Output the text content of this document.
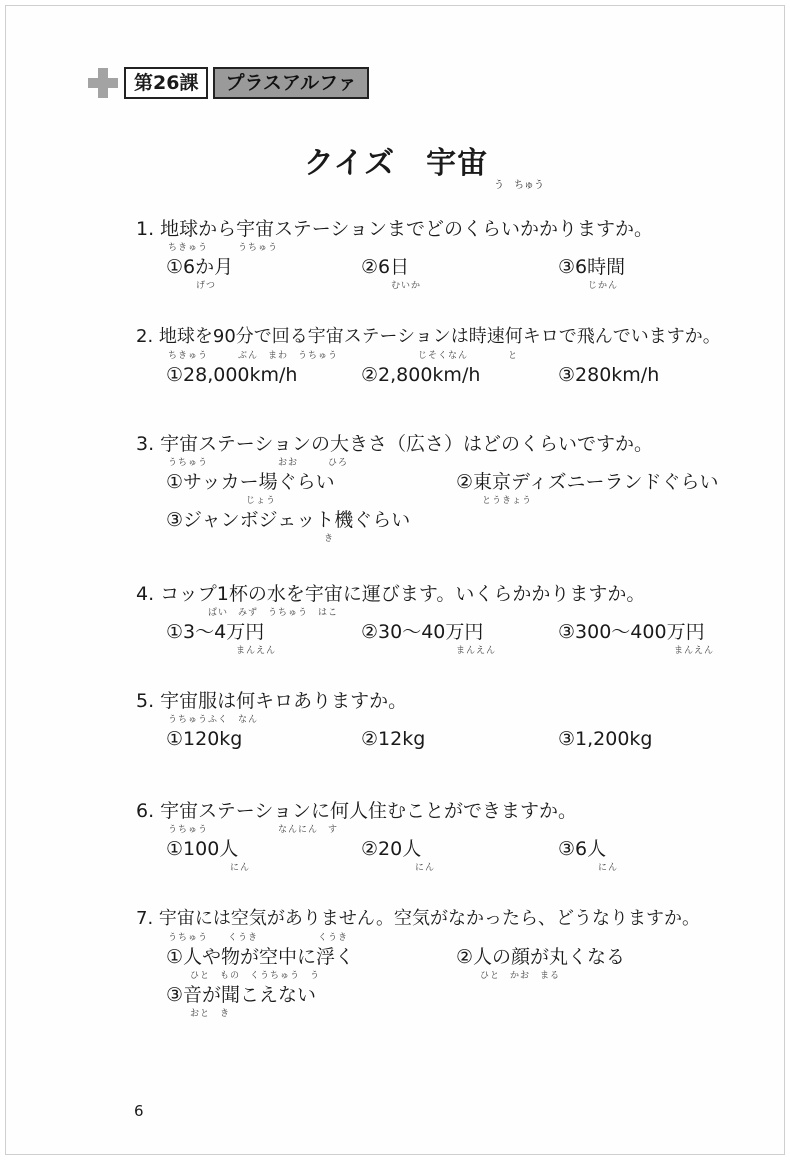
第26課	プラスアルファ
クイズ　宇宙
う　ちゅう
1. 地球から宇宙ステーションまでどのくらいかかりますか。
ちきゅう　　　うちゅう
①6か月
げつ
②6日
むいか
③6時間
じかん
2. 地球を90分で回る宇宙ステーションは時速何キロで飛んでいますか。
ちきゅう　　　ぶん　まわ　うちゅう　　　　　　　　じそくなん　　　　と
①28,000km/h	②2,800km/h	③280km/h
3. 宇宙ステーションの大きさ（広さ）はどのくらいですか。
うちゅう　　　　　　　おお　　　ひろ
①サッカー場ぐらい
じょう
②東京ディズニーランドぐらい
とうきょう
③ジャンボジェット機ぐらい
き
4. コップ1杯の水を宇宙に運びます。いくらかかりますか。
　　　　ぱい　みず　うちゅう　はこ
①3～4万円
まんえん
②30～40万円
まんえん
③300～400万円
まんえん
5. 宇宙服は何キロありますか。
うちゅうふく　なん
①120kg	②12kg	③1,200kg
6. 宇宙ステーションに何人住むことができますか。
うちゅう　　　　　　　なんにん　す
①100人
にん
②20人
にん
③6人
にん
7. 宇宙には空気がありません。空気がなかったら、どうなりますか。
うちゅう　　くうき　　　　　　くうき
①人や物が空中に浮く
ひと　もの　くうちゅう　う
②人の顔が丸くなる
ひと　かお　まる
③音が聞こえない
おと　き
6
